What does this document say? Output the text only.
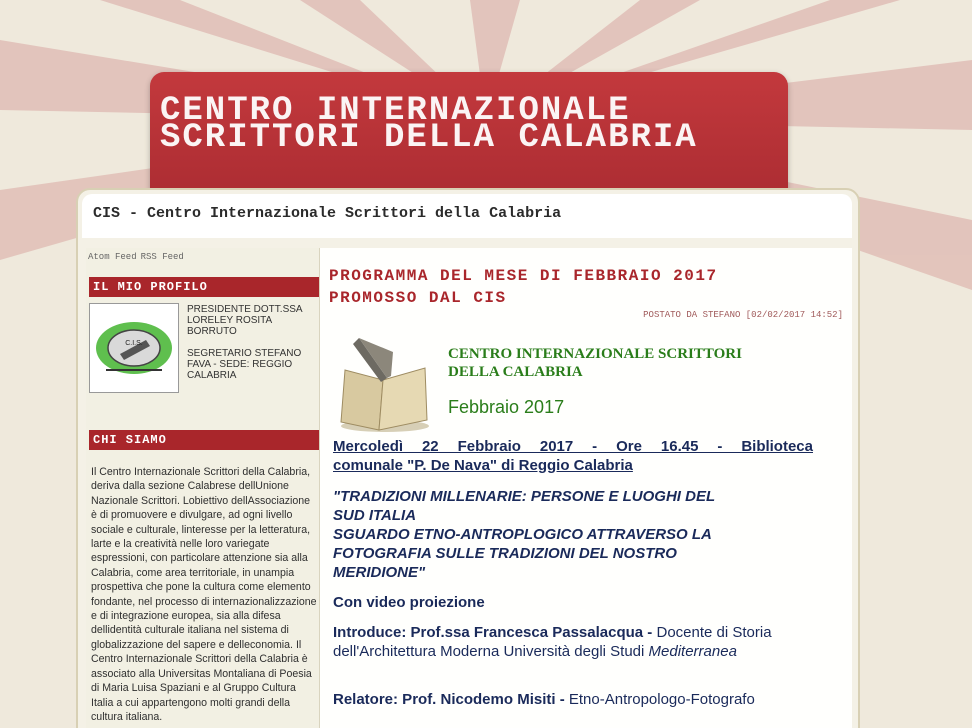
CENTRO INTERNAZIONALE SCRITTORI DELLA CALABRIA
CIS - Centro Internazionale Scrittori della Calabria
Atom Feed RSS Feed
IL MIO PROFILO
C.I.S.
PRESIDENTE DOTT.SSA LORELEY ROSITA BORRUTO
SEGRETARIO STEFANO FAVA - SEDE: REGGIO CALABRIA
CHI SIAMO
Il Centro Internazionale Scrittori della Calabria, deriva dalla sezione Calabrese dellUnione Nazionale Scrittori. Lobiettivo dellAssociazione è di promuovere e divulgare, ad ogni livello sociale e culturale, linteresse per la letteratura, larte e la creatività nelle loro variegate espressioni, con particolare attenzione sia alla Calabria, come area territoriale, in unampia prospettiva che pone la cultura come elemento fondante, nel processo di internazionalizzazione e di integrazione europea, sia alla difesa dellidentità culturale italiana nel sistema di globalizzazione del sapere e delleconomia. Il Centro Internazionale Scrittori della Calabria è associato alla Universitas Montaliana di Poesia di Maria Luisa Spaziani e al Gruppo Cultura Italia a cui appartengono molti grandi della cultura italiana.
PROGRAMMA DEL MESE DI FEBBRAIO 2017 PROMOSSO DAL CIS
POSTATO DA STEFANO [02/02/2017 14:52]
CENTRO INTERNAZIONALE SCRITTORI DELLA CALABRIA
Febbraio 2017
Mercoledì 22 Febbraio 2017 - Ore 16.45 - Biblioteca
comunale "P. De Nava" di Reggio Calabria
"TRADIZIONI MILLENARIE: PERSONE E LUOGHI DEL
SUD ITALIA
SGUARDO ETNO-ANTROPLOGICO ATTRAVERSO LA
FOTOGRAFIA SULLE TRADIZIONI DEL NOSTRO
MERIDIONE"
Con video proiezione
Introduce: Prof.ssa Francesca Passalacqua - Docente di Storia dell'Architettura Moderna Università degli Studi Mediterranea
Relatore: Prof. Nicodemo Misiti - Etno-Antropologo-Fotografo
